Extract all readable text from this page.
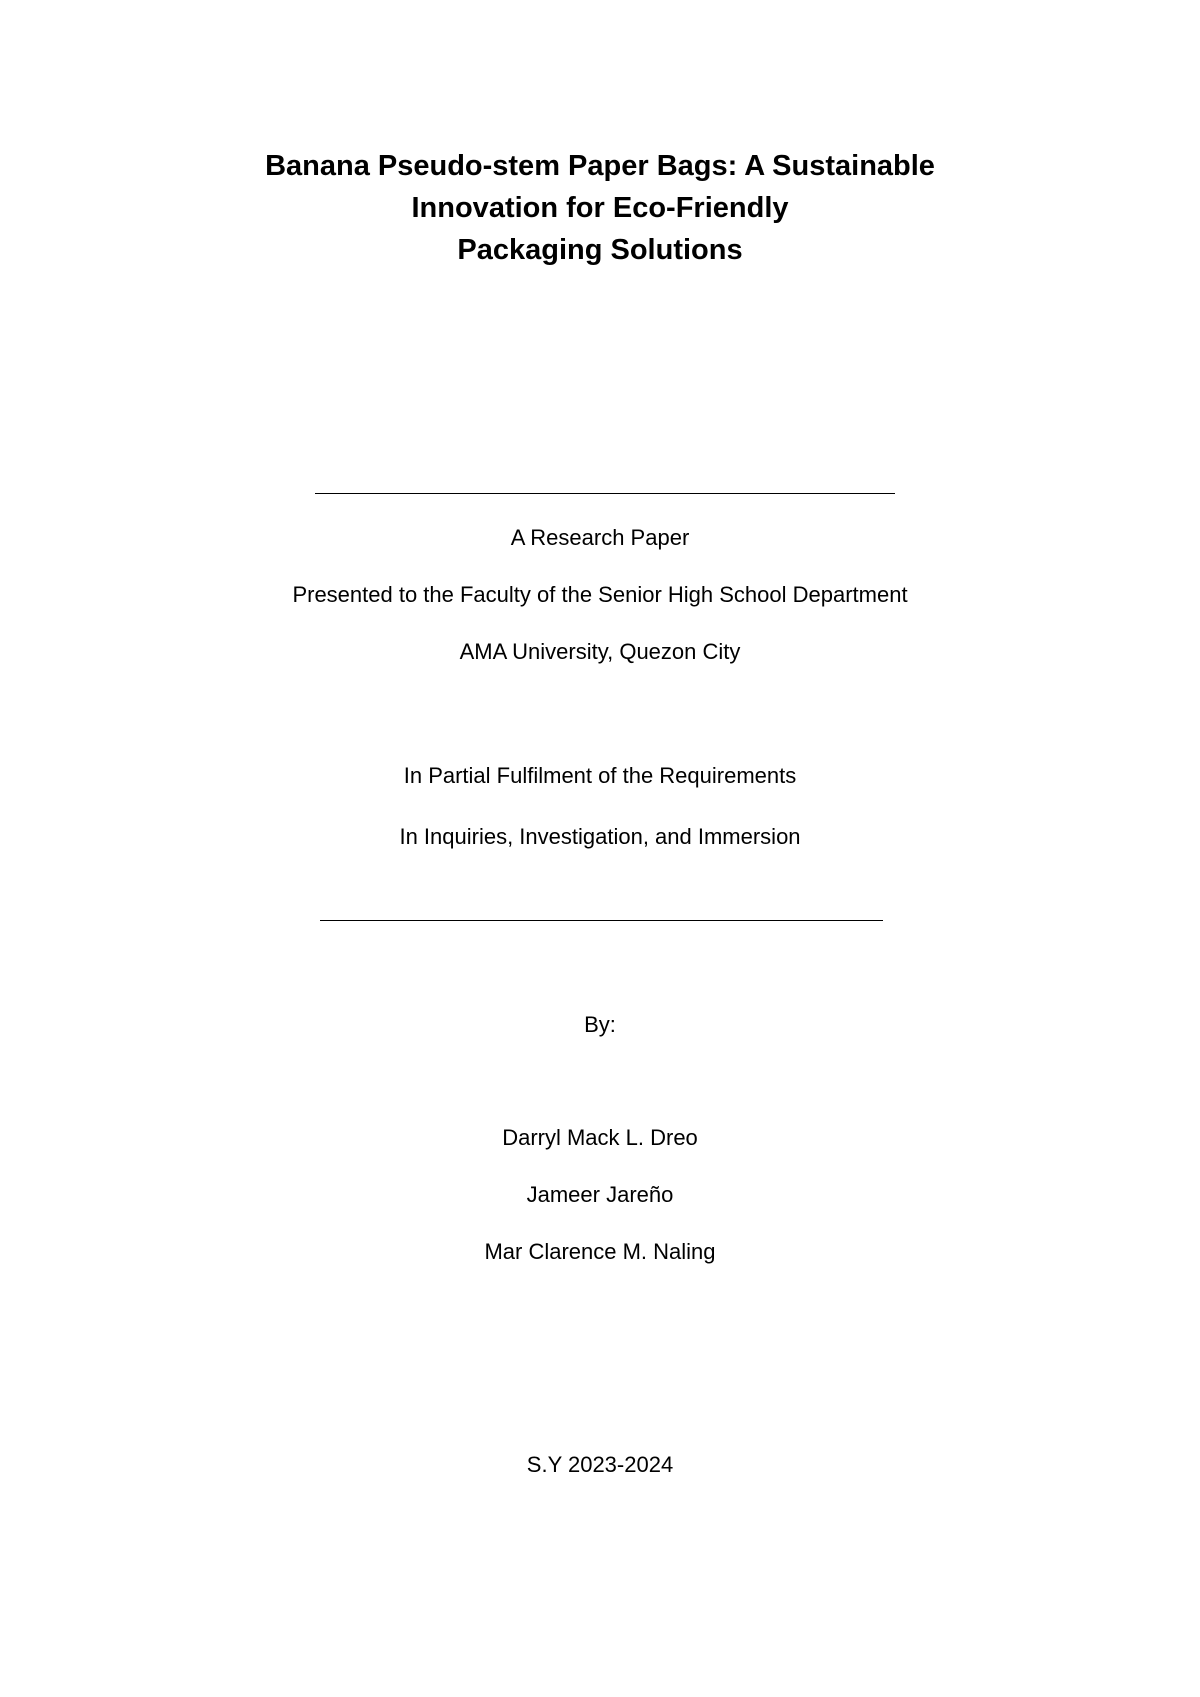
Banana Pseudo-stem Paper Bags: A Sustainable
Innovation for Eco-Friendly
Packaging Solutions

A Research Paper

Presented to the Faculty of the Senior High School Department

AMA University, Quezon City

In Partial Fulfilment of the Requirements

In Inquiries, Investigation, and Immersion

By:

Darryl Mack L. Dreo

Jameer Jareño

Mar Clarence M. Naling

S.Y 2023-2024
